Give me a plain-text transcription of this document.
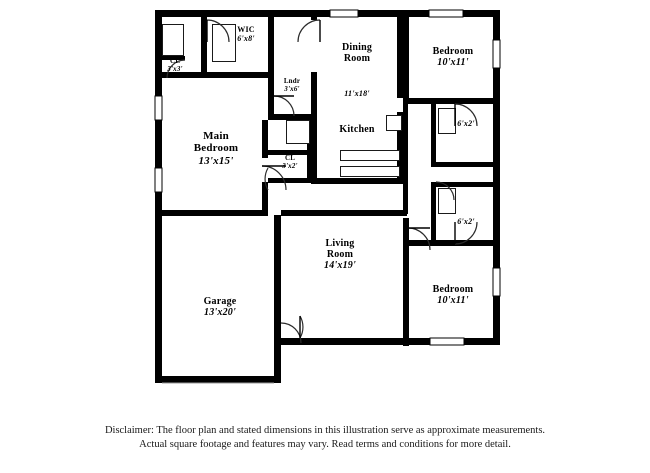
WIC
6'x8'
CL
3'x3'
Lndr
3'x6'
Dining
Room
11'x18'
Bedroom
10'x11'
6'x2'
6'x2'
Kitchen
Main
Bedroom
13'x15'	CL
3'x2'
Living
Room
14'x19'
Garage
13'x20'
Bedroom
10'x11'
Disclaimer: The floor plan and stated dimensions in this illustration serve as approximate measurements.
Actual square footage and features may vary. Read terms and conditions for more detail.
